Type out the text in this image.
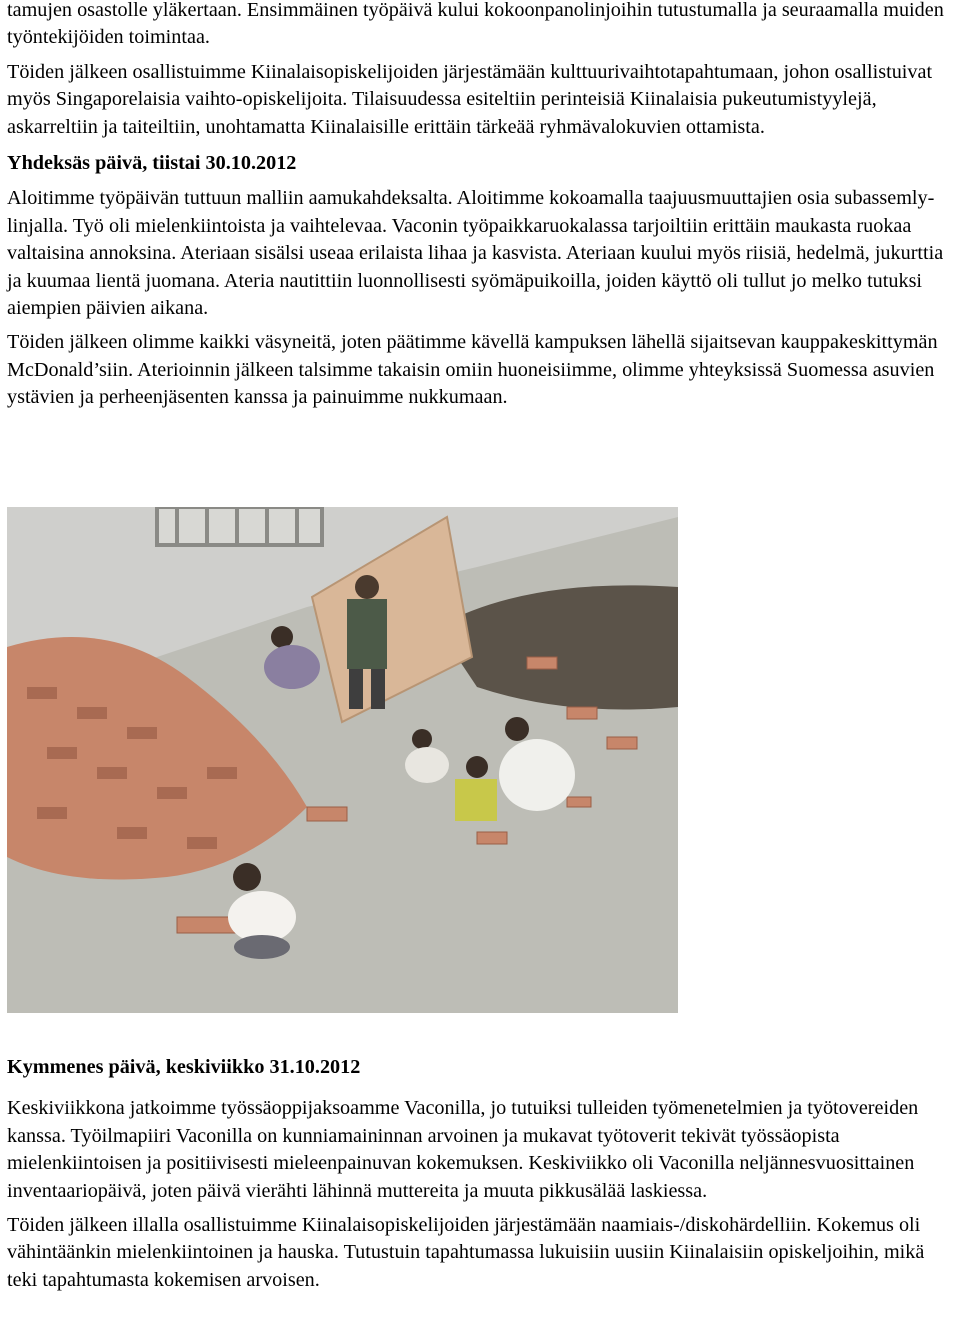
tamujen osastolle yläkertaan. Ensimmäinen työpäivä kului kokoonpanolinjoihin tutustumalla ja seuraamalla muiden työntekijöiden toimintaa.

Töiden jälkeen osallistuimme Kiinalaisopiskelijoiden järjestämään kulttuurivaihtotapahtumaan, johon osallistuivat myös Singaporelaisia vaihto-opiskelijoita. Tilaisuudessa esiteltiin perinteisiä Kiinalaisia pukeutumistyylejä, askarreltiin ja taiteiltiin, unohtamatta Kiinalaisille erittäin tärkeää ryhmävalokuvien ottamista.

Yhdeksäs päivä, tiistai 30.10.2012

Aloitimme työpäivän tuttuun malliin aamukahdeksalta. Aloitimme kokoamalla taajuusmuuttajien osia subassemly-linjalla. Työ oli mielenkiintoista ja vaihtelevaa. Vaconin työpaikkaruokalassa tarjoiltiin erittäin maukasta ruokaa valtaisina annoksina. Ateriaan sisälsi useaa erilaista lihaa ja kasvista. Ateriaan kuului myös riisiä, hedelmä, jukurttia ja kuumaa lientä juomana. Ateria nautittiin luonnollisesti syömäpuikoilla, joiden käyttö oli tullut jo melko tutuksi aiempien päivien aikana.

Töiden jälkeen olimme kaikki väsyneitä, joten päätimme kävellä kampuksen lähellä sijaitsevan kauppakeskittymän McDonald’siin. Aterioinnin jälkeen talsimme takaisin omiin huoneisiimme, olimme yhteyksissä Suomessa asuvien ystävien ja perheenjäsenten kanssa ja painuimme nukkumaan.

Kymmenes päivä, keskiviikko 31.10.2012

Keskiviikkona jatkoimme työssäoppijaksoamme Vaconilla, jo tutuiksi tulleiden työmenetelmien ja työtovereiden kanssa. Työilmapiiri Vaconilla on kunniamaininnan arvoinen ja mukavat työtoverit tekivät työssäopista mielenkiintoisen ja positiivisesti mieleenpainuvan kokemuksen. Keskiviikko oli Vaconilla neljännesvuosittainen inventaariopäivä, joten päivä vierähti lähinnä muttereita ja muuta pikkusälää laskiessa.

Töiden jälkeen illalla osallistuimme Kiinalaisopiskelijoiden järjestämään naamiais-/diskohärdelliin. Kokemus oli vähintäänkin mielenkiintoinen ja hauska. Tutustuin tapahtumassa lukuisiin uusiin Kiinalaisiin opiskeljoihin, mikä teki tapahtumasta kokemisen arvoisen.
